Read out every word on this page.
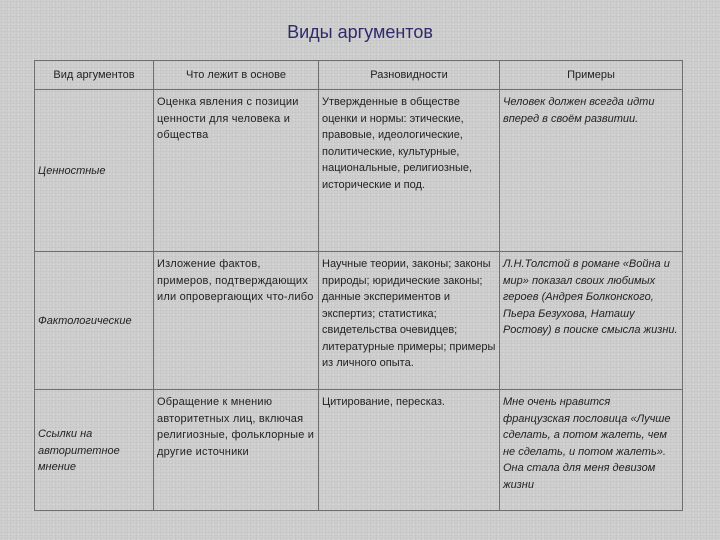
Виды аргументов
Вид аргументов	Что лежит в основе	Разновидности	Примеры
Ценностные	Оценка явления с позиции ценности для человека и общества	Утвержденные в обществе оценки и нормы: этические, правовые, идеологические, политические, культурные, национальные, религиозные, исторические и под.	Человек должен всегда идти вперед в своём развитии.
Фактологические	Изложение фактов, примеров, подтверждающих или опровергающих что-либо	Научные теории, законы; законы природы; юридические законы; данные экспериментов и экспертиз; статистика; свидетельства очевидцев; литературные примеры; примеры из личного опыта.	Л.Н.Толстой в романе «Война и мир» показал своих любимых героев (Андрея Болконского, Пьера Безухова, Наташу Ростову) в поиске смысла жизни.
Ссылки на авторитетное мнение	Обращение к мнению авторитетных лиц, включая религиозные, фольклорные и другие источники	Цитирование, пересказ.	Мне очень нравится французская пословица «Лучше сделать, а потом жалеть, чем не сделать, и потом жалеть». Она стала для меня девизом жизни
